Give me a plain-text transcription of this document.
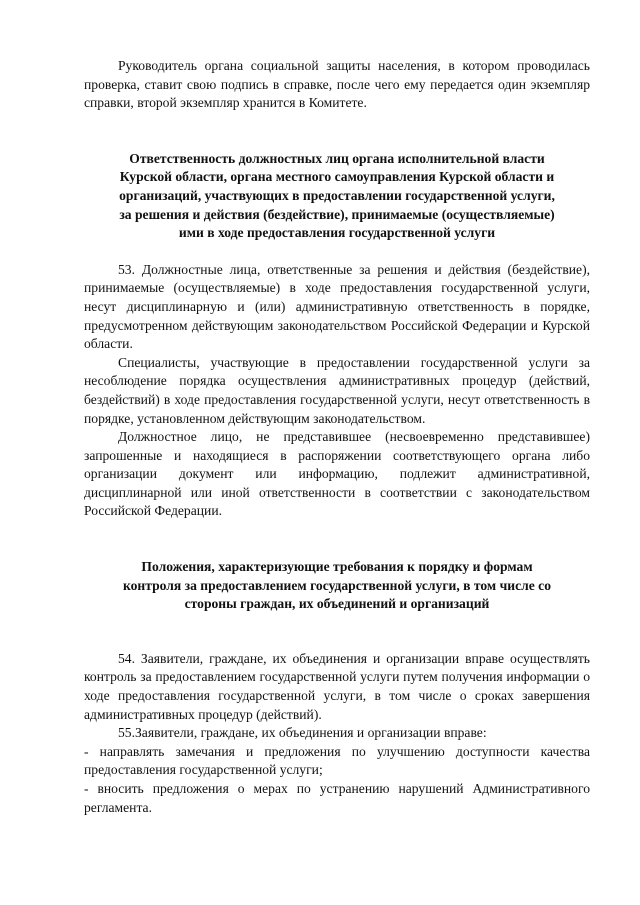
Руководитель органа социальной защиты населения, в котором проводилась проверка, ставит свою подпись в справке, после чего ему передается один экземпляр справки, второй экземпляр хранится в Комитете.

Ответственность должностных лиц органа исполнительной власти

Курской области, органа местного самоуправления Курской области и

организаций, участвующих в предоставлении государственной услуги,

за решения и действия (бездействие), принимаемые (осуществляемые)

ими в ходе предоставления государственной услуги

53. Должностные лица, ответственные за решения и действия (бездействие), принимаемые (осуществляемые) в ходе предоставления государственной услуги, несут дисциплинарную и (или) административную ответственность в порядке, предусмотренном действующим законодательством Российской Федерации и Курской области.

Специалисты, участвующие в предоставлении государственной услуги за несоблюдение порядка осуществления административных процедур (действий, бездействий) в ходе предоставления государственной услуги, несут ответственность в порядке, установленном действующим законодательством.

Должностное лицо, не представившее (несвоевременно представившее) запрошенные и находящиеся в распоряжении соответствующего органа либо организации документ или информацию, подлежит административной, дисциплинарной или иной ответственности в соответствии с законодательством Российской Федерации.

Положения, характеризующие требования к порядку и формам

контроля за предоставлением государственной услуги, в том числе со

стороны граждан, их объединений и организаций

54. Заявители, граждане, их объединения и организации вправе осуществлять контроль за предоставлением государственной услуги путем получения информации о ходе предоставления государственной услуги, в том числе о сроках завершения административных процедур (действий).

55.Заявители, граждане, их объединения и организации вправе:

- направлять замечания и предложения по улучшению доступности качества предоставления государственной услуги;

- вносить предложения о мерах по устранению нарушений Административного регламента.
